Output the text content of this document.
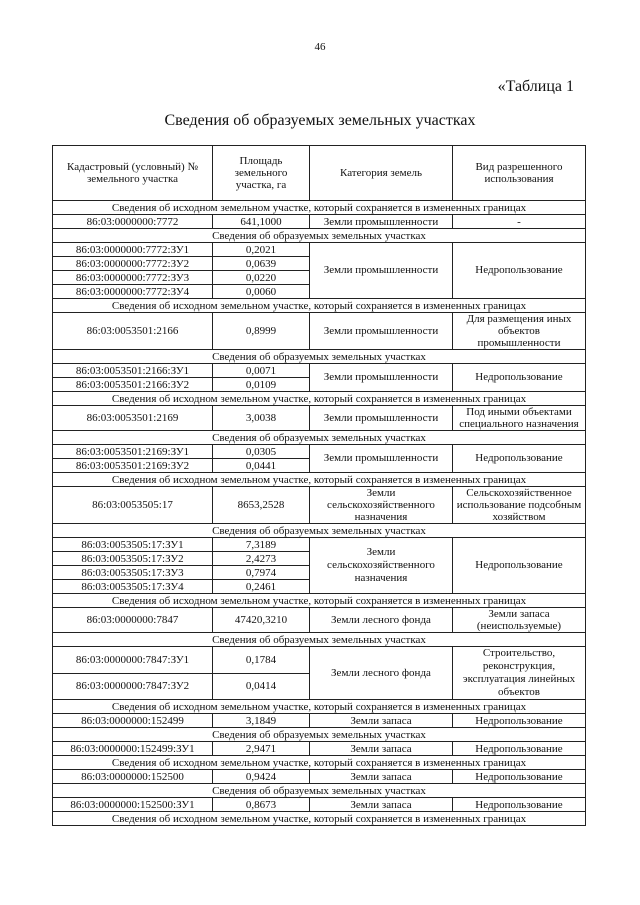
46
«Таблица 1
Сведения об образуемых земельных участках
Кадастровый (условный) № земельного участка	Площадь земельного участка, га	Категория земель	Вид разрешенного использования
Сведения об исходном земельном участке, который сохраняется в измененных границах			
86:03:0000000:7772	641,1000	Земли промышленности	-
Сведения об образуемых земельных участках			
86:03:0000000:7772:ЗУ1	0,2021	Земли промышленности	Недропользование
86:03:0000000:7772:ЗУ2	0,0639		
86:03:0000000:7772:ЗУ3	0,0220		
86:03:0000000:7772:ЗУ4	0,0060		
Сведения об исходном земельном участке, который сохраняется в измененных границах			
86:03:0053501:2166	0,8999	Земли промышленности	Для размещения иных объектов промышленности
Сведения об образуемых земельных участках			
86:03:0053501:2166:ЗУ1	0,0071	Земли промышленности	Недропользование
86:03:0053501:2166:ЗУ2	0,0109		
Сведения об исходном земельном участке, который сохраняется в измененных границах			
86:03:0053501:2169	3,0038	Земли промышленности	Под иными объектами специального назначения
Сведения об образуемых земельных участках			
86:03:0053501:2169:ЗУ1	0,0305	Земли промышленности	Недропользование
86:03:0053501:2169:ЗУ2	0,0441		
Сведения об исходном земельном участке, который сохраняется в измененных границах			
86:03:0053505:17	8653,2528	Земли сельскохозяйственного назначения	Сельскохозяйственное использование подсобным хозяйством
Сведения об образуемых земельных участках			
86:03:0053505:17:ЗУ1	7,3189	Земли сельскохозяйственного назначения	Недропользование
86:03:0053505:17:ЗУ2	2,4273		
86:03:0053505:17:ЗУ3	0,7974		
86:03:0053505:17:ЗУ4	0,2461		
Сведения об исходном земельном участке, который сохраняется в измененных границах			
86:03:0000000:7847	47420,3210	Земли лесного фонда	Земли запаса (неиспользуемые)
Сведения об образуемых земельных участках			
86:03:0000000:7847:ЗУ1	0,1784	Земли лесного фонда	Строительство, реконструкция, эксплуатация линейных объектов
86:03:0000000:7847:ЗУ2	0,0414		
Сведения об исходном земельном участке, который сохраняется в измененных границах			
86:03:0000000:152499	3,1849	Земли запаса	Недропользование
Сведения об образуемых земельных участках			
86:03:0000000:152499:ЗУ1	2,9471	Земли запаса	Недропользование
Сведения об исходном земельном участке, который сохраняется в измененных границах			
86:03:0000000:152500	0,9424	Земли запаса	Недропользование
Сведения об образуемых земельных участках			
86:03:0000000:152500:ЗУ1	0,8673	Земли запаса	Недропользование
Сведения об исходном земельном участке, который сохраняется в измененных границах			
